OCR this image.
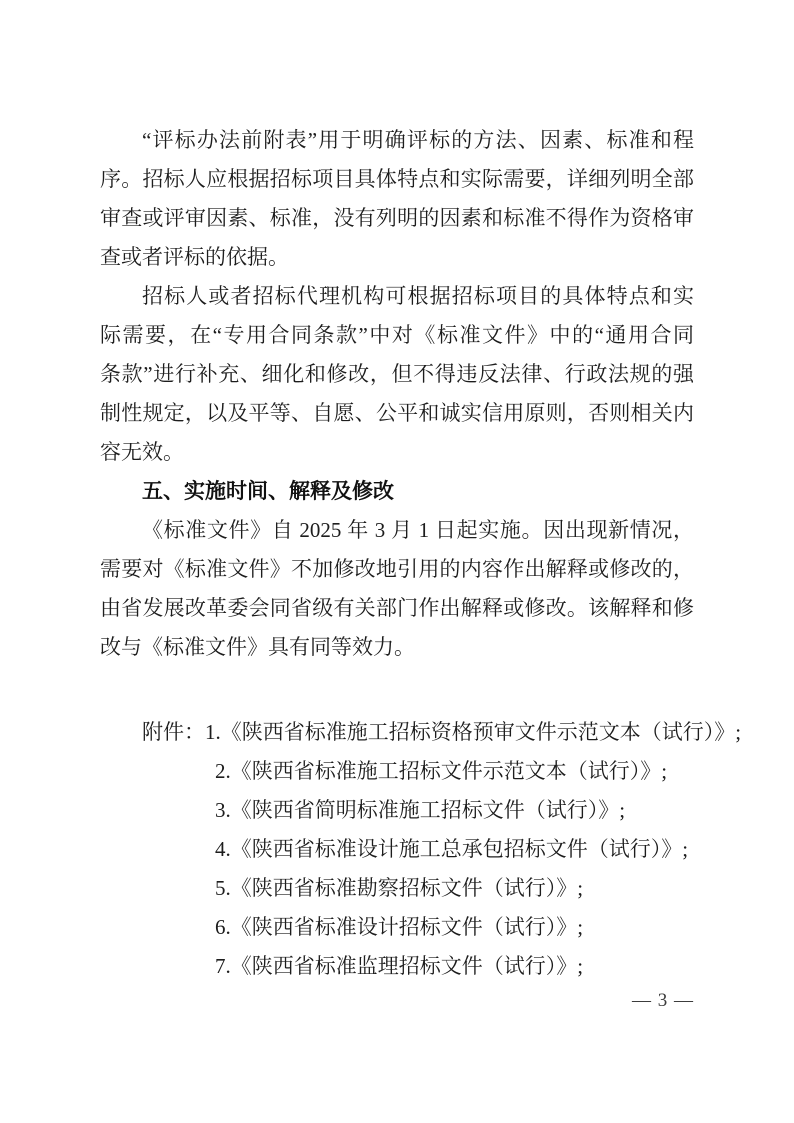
“评标办法前附表”用于明确评标的方法、因素、标准和程
序。招标人应根据招标项目具体特点和实际需要，详细列明全部
审查或评审因素、标准，没有列明的因素和标准不得作为资格审
查或者评标的依据。
招标人或者招标代理机构可根据招标项目的具体特点和实
际需要，在“专用合同条款”中对《标准文件》中的“通用合同
条款”进行补充、细化和修改，但不得违反法律、行政法规的强
制性规定，以及平等、自愿、公平和诚实信用原则，否则相关内
容无效。
五、实施时间、解释及修改
《标准文件》自 2025 年 3 月 1 日起实施。因出现新情况，
需要对《标准文件》不加修改地引用的内容作出解释或修改的，
由省发展改革委会同省级有关部门作出解释或修改。该解释和修
改与《标准文件》具有同等效力。
附件：1.《陕西省标准施工招标资格预审文件示范文本（试行）》;
2.《陕西省标准施工招标文件示范文本（试行）》;
3.《陕西省简明标准施工招标文件（试行）》;
4.《陕西省标准设计施工总承包招标文件（试行）》;
5.《陕西省标准勘察招标文件（试行）》;
6.《陕西省标准设计招标文件（试行）》;
7.《陕西省标准监理招标文件（试行）》;
— 3 —
